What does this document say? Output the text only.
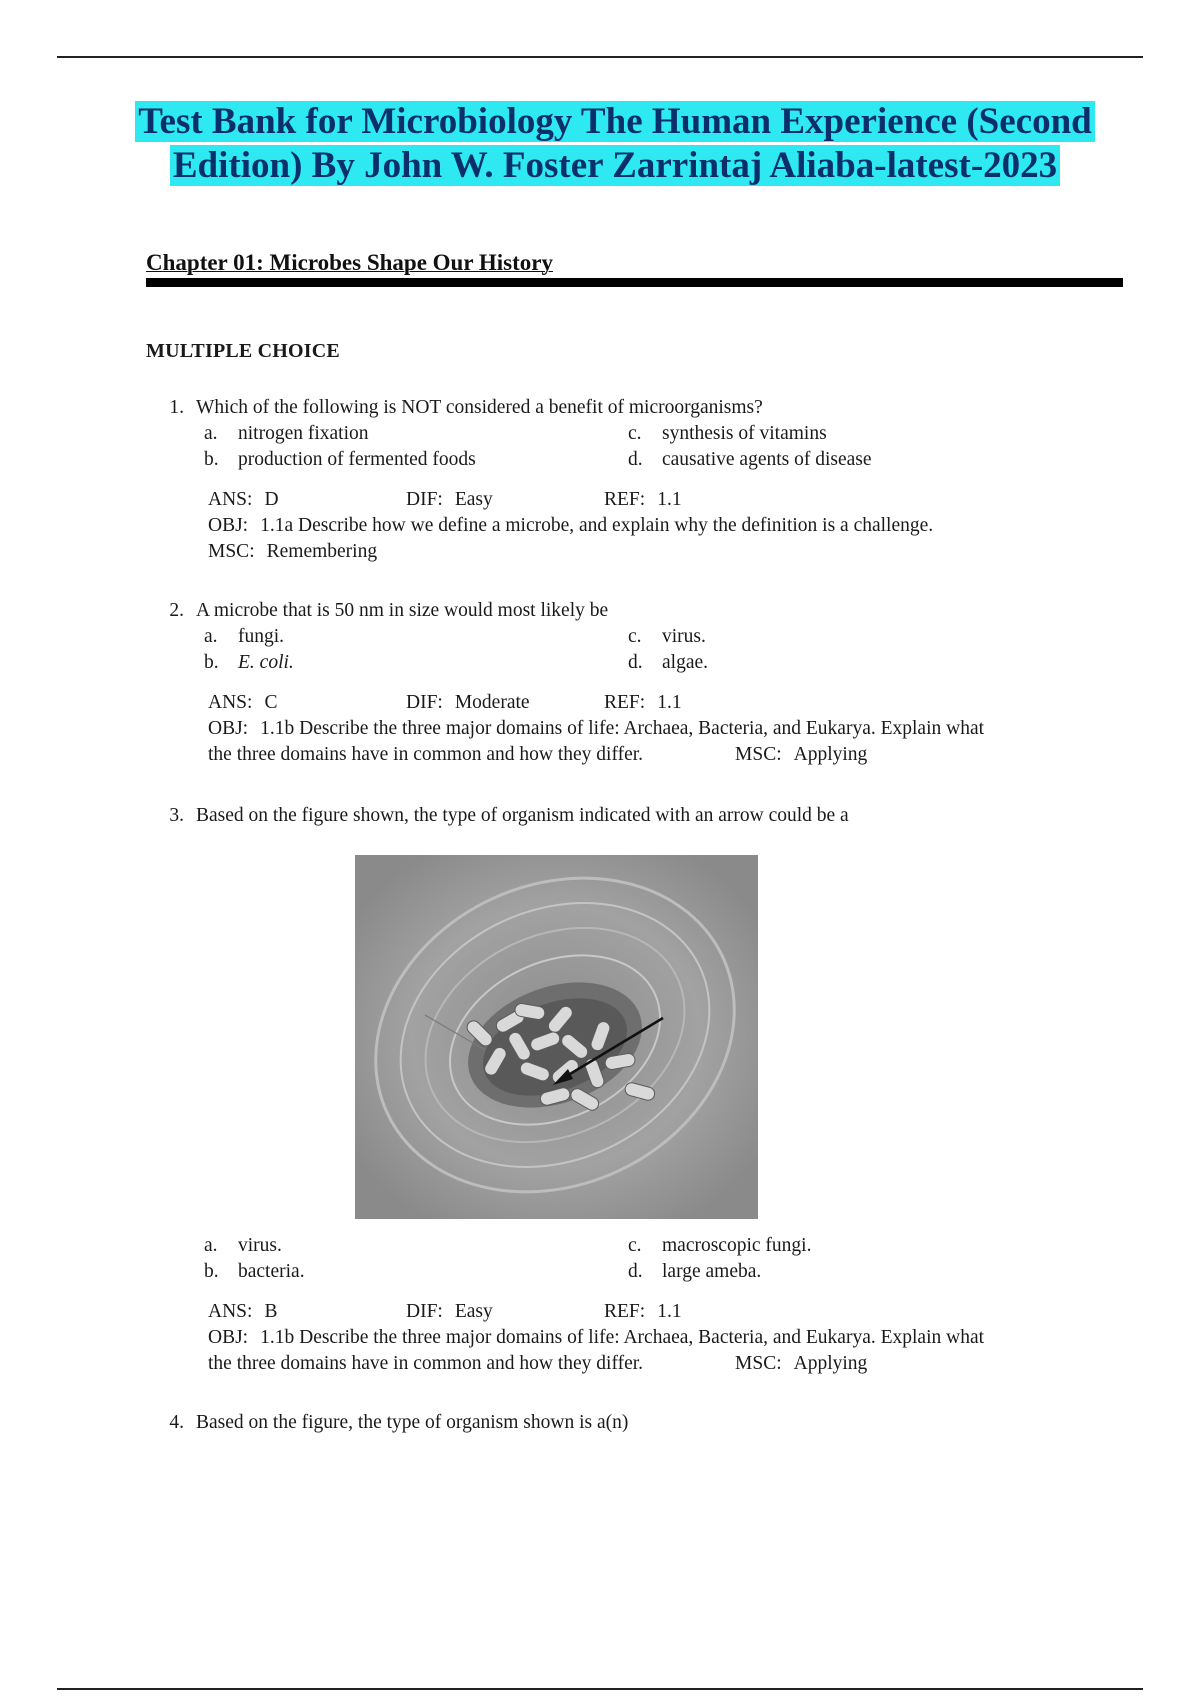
Test Bank for Microbiology The Human Experience (Second
Edition) By John W. Foster Zarrintaj Aliaba-latest-2023
Chapter 01: Microbes Shape Our History
MULTIPLE CHOICE
1. Which of the following is NOT considered a benefit of microorganisms?
a.	nitrogen fixation	c.	synthesis of vitamins
b. production of fermented foods	d. causative agents of disease
ANS: D	DIF: Easy	REF: 1.1
OBJ: 1.1a Describe how we define a microbe, and explain why the definition is a challenge.
MSC: Remembering
2. A microbe that is 50 nm in size would most likely be
a.	fungi.	c.	virus.
b. E. coli.	d. algae.
ANS: C	DIF: Moderate	REF: 1.1
OBJ: 1.1b Describe the three major domains of life: Archaea, Bacteria, and Eukarya. Explain what
the three domains have in common and how they differ.	MSC: Applying
3. Based on the figure shown, the type of organism indicated with an arrow could be a
a.	virus.	c.	macroscopic fungi.
b. bacteria.	d. large ameba.
ANS: B	DIF: Easy	REF: 1.1
OBJ: 1.1b Describe the three major domains of life: Archaea, Bacteria, and Eukarya. Explain what
the three domains have in common and how they differ.	MSC: Applying
4. Based on the figure, the type of organism shown is a(n)
